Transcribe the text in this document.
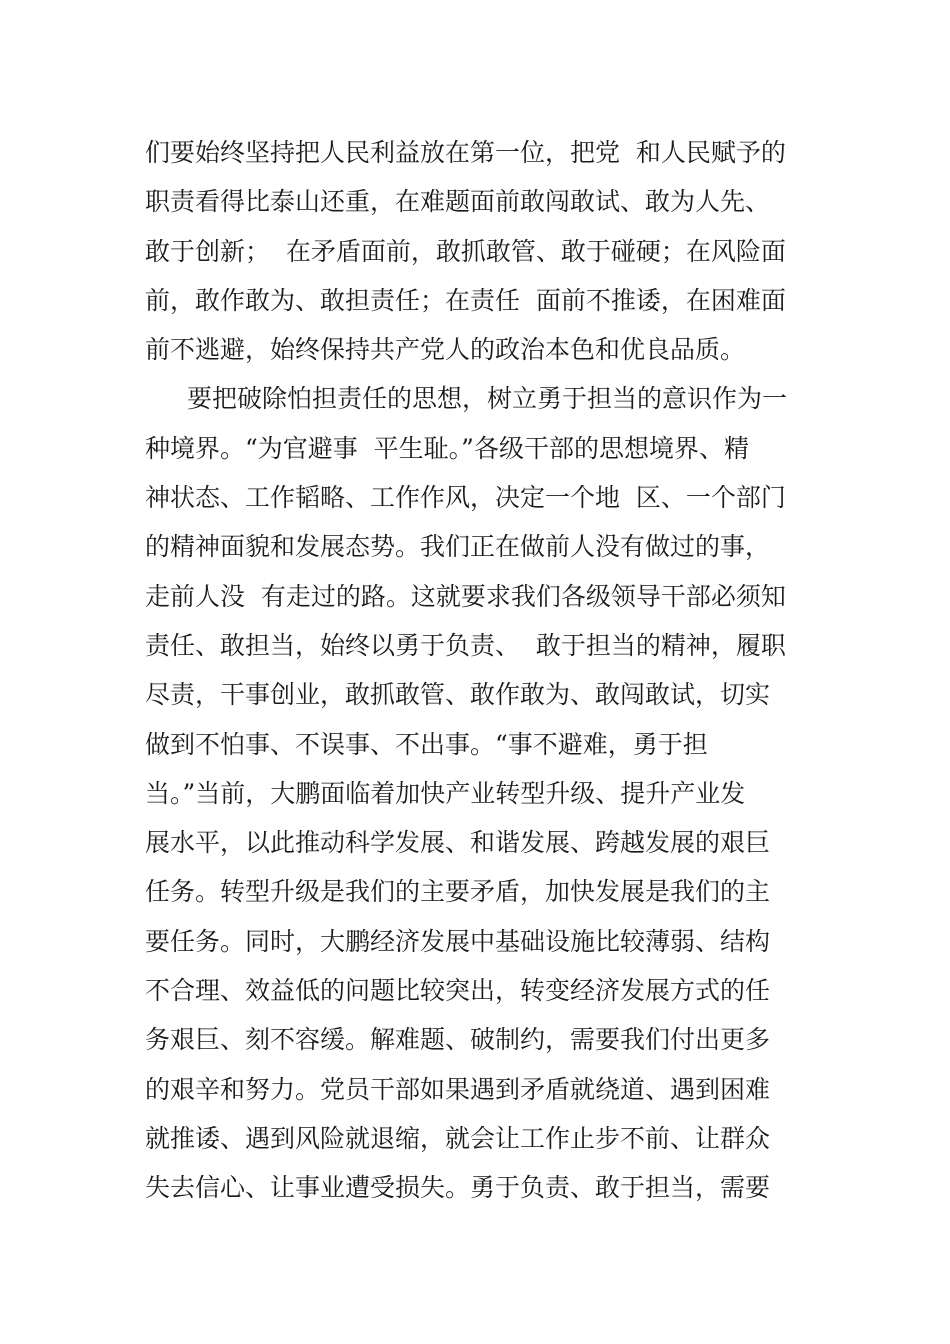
们要始终坚持把人民利益放在第一位，把党  和人民赋予的
职责看得比泰山还重，在难题面前敢闯敢试、敢为人先、
敢于创新；  在矛盾面前，敢抓敢管、敢于碰硬；在风险面
前，敢作敢为、敢担责任；在责任  面前不推诿，在困难面
前不逃避，始终保持共产党人的政治本色和优良品质。
要把破除怕担责任的思想，树立勇于担当的意识作为一
种境界。“为官避事  平生耻。”各级干部的思想境界、精
神状态、工作韬略、工作作风，决定一个地  区、一个部门
的精神面貌和发展态势。我们正在做前人没有做过的事，
走前人没  有走过的路。这就要求我们各级领导干部必须知
责任、敢担当，始终以勇于负责、  敢于担当的精神，履职
尽责，干事创业，敢抓敢管、敢作敢为、敢闯敢试，切实
做到不怕事、不误事、不出事。“事不避难，勇于担
当。”当前，大鹏面临着加快产业转型升级、提升产业发
展水平，以此推动科学发展、和谐发展、跨越发展的艰巨
任务。转型升级是我们的主要矛盾，加快发展是我们的主
要任务。同时，大鹏经济发展中基础设施比较薄弱、结构
不合理、效益低的问题比较突出，转变经济发展方式的任
务艰巨、刻不容缓。解难题、破制约，需要我们付出更多
的艰辛和努力。党员干部如果遇到矛盾就绕道、遇到困难
就推诿、遇到风险就退缩，就会让工作止步不前、让群众
失去信心、让事业遭受损失。勇于负责、敢于担当，需要
